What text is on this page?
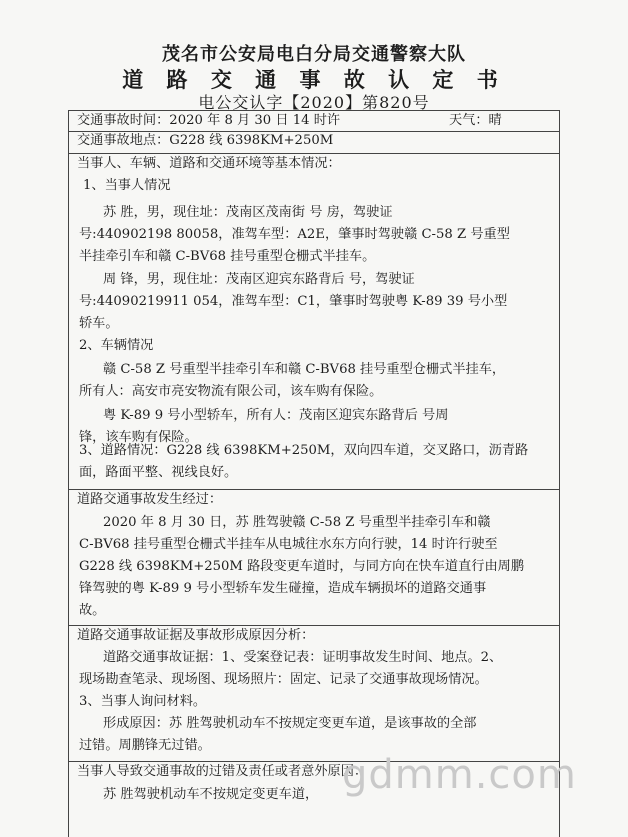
茂名市公安局电白分局交通警察大队
道 路 交 通 事 故 认 定 书
电公交认字【2020】第820号
交通事故时间：2020 年 8 月 30 日 14 时许	天气：晴
交通事故地点：G228 线 6398KM+250M
当事人、车辆、道路和交通环境等基本情况：
1、当事人情况
苏 胜，男，现住址：茂南区茂南街 号 房，驾驶证
号:440902198 80058，准驾车型：A2E，肇事时驾驶赣 C-58 Z 号重型
半挂牵引车和赣 C-BV68 挂号重型仓栅式半挂车。
周 锋，男，现住址：茂南区迎宾东路背后 号，驾驶证
号:44090219911 054，准驾车型：C1，肇事时驾驶粤 K-89 39 号小型
轿车。
2、车辆情况
赣 C-58 Z 号重型半挂牵引车和赣 C-BV68 挂号重型仓栅式半挂车，
所有人：高安市亮安物流有限公司，该车购有保险。
粤 K-89 9 号小型轿车，所有人：茂南区迎宾东路背后 号周
锋，该车购有保险。
3、道路情况：G228 线 6398KM+250M，双向四车道，交叉路口，沥青路
面，路面平整、视线良好。
道路交通事故发生经过：
2020 年 8 月 30 日，苏 胜驾驶赣 C-58 Z 号重型半挂牵引车和赣
C-BV68 挂号重型仓栅式半挂车从电城往水东方向行驶，14 时许行驶至
G228 线 6398KM+250M 路段变更车道时，与同方向在快车道直行由周鹏
锋驾驶的粤 K-89 9 号小型轿车发生碰撞，造成车辆损坏的道路交通事
故。
道路交通事故证据及事故形成原因分析：
道路交通事故证据：1、受案登记表：证明事故发生时间、地点。2、
现场勘查笔录、现场图、现场照片：固定、记录了交通事故现场情况。
3、当事人询问材料。
形成原因：苏 胜驾驶机动车不按规定变更车道，是该事故的全部
过错。周鹏锋无过错。
当事人导致交通事故的过错及责任或者意外原因：
苏 胜驾驶机动车不按规定变更车道， gdmm.com
